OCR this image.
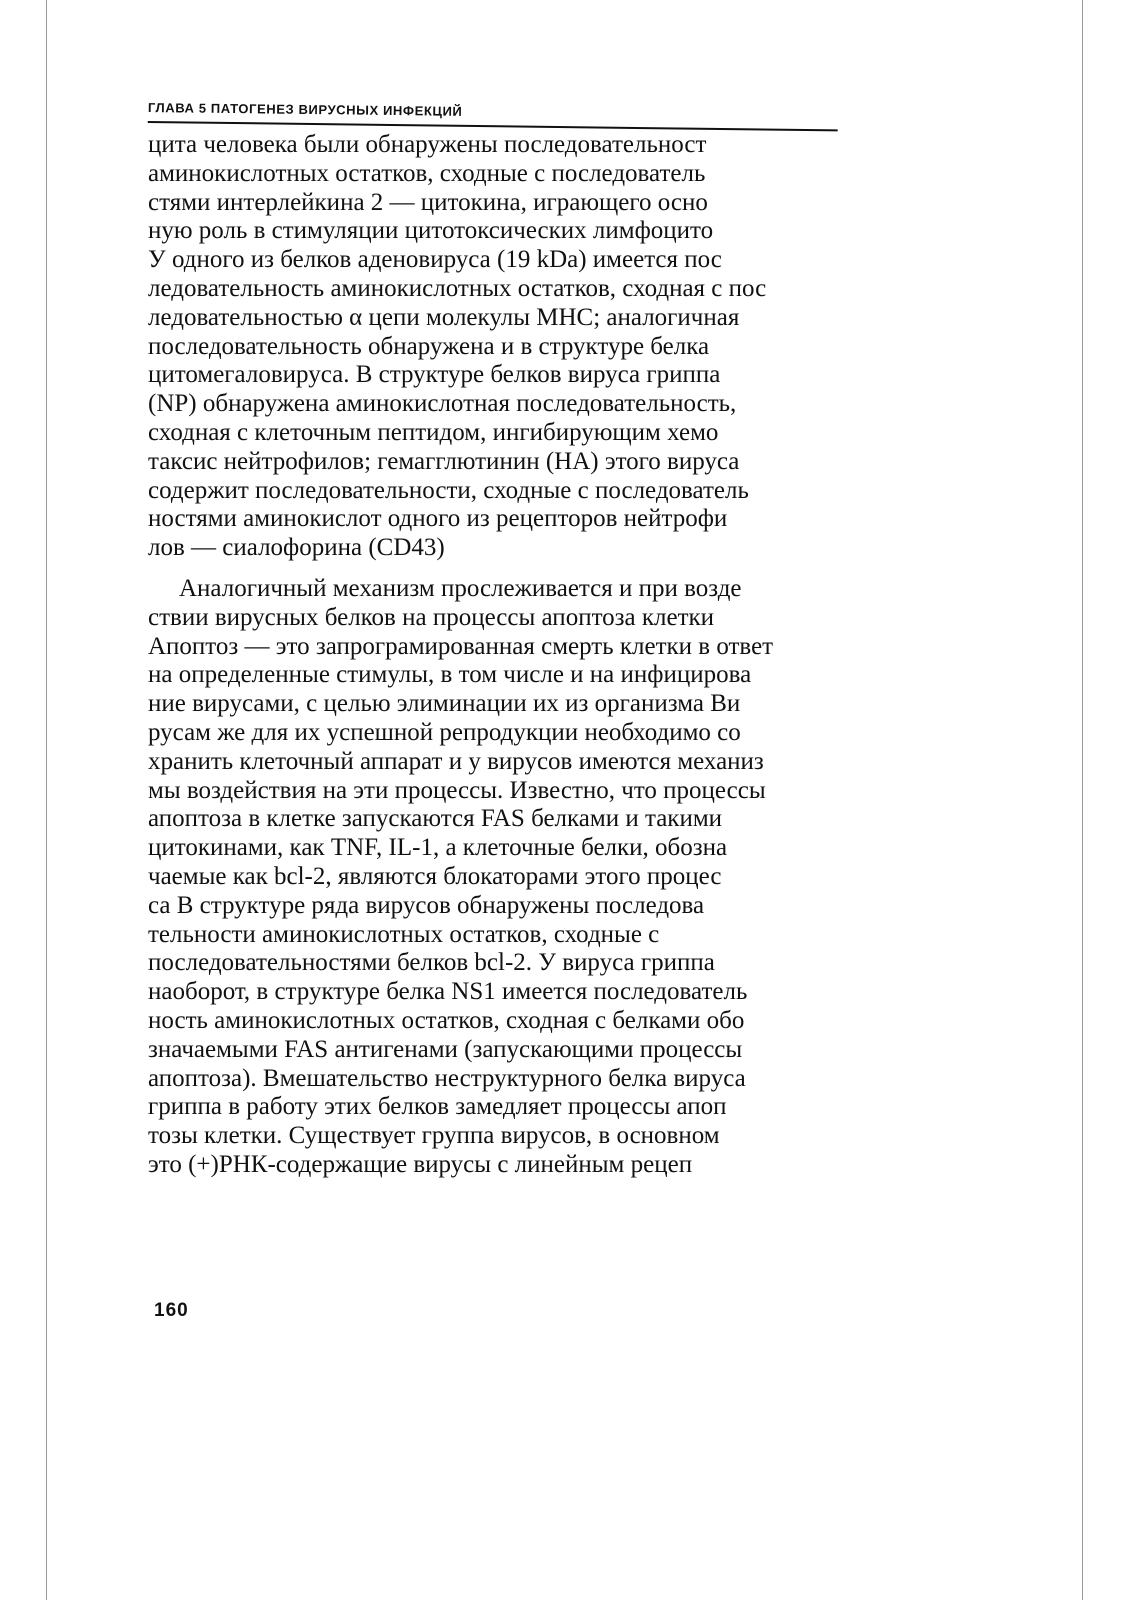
ГЛАВА 5 ПАТОГЕНЕЗ ВИРУСНЫХ ИНФЕКЦИЙ

цита человека были обнаружены последовательност

аминокислотных остатков, сходные с последователь

стями интерлейкина 2 — цитокина, играющего осно

ную роль в стимуляции цитотоксических лимфоцито

У одного из белков аденовируса (19 kDa) имеется пос

ледовательность аминокислотных остатков, сходная с пос

ледовательностью α цепи молекулы MHC; аналогичная

последовательность обнаружена и в структуре белка

цитомегаловируса. В структуре белков вируса гриппа

(NP) обнаружена аминокислотная последовательность,

сходная с клеточным пептидом, ингибирующим хемо

таксис нейтрофилов; гемагглютинин (НА) этого вируса

содержит последовательности, сходные с последователь

ностями аминокислот одного из рецепторов нейтрофи

лов — сиалофорина (CD43)

Аналогичный механизм прослеживается и при возде

ствии вирусных белков на процессы апоптоза клетки

Апоптоз — это запрограмированная смерть клетки в ответ

на определенные стимулы, в том числе и на инфицирова

ние вирусами, с целью элиминации их из организма Ви

русам же для их успешной репродукции необходимо со

хранить клеточный аппарат и у вирусов имеются механиз

мы воздействия на эти процессы. Известно, что процессы

апоптоза в клетке запускаются FAS белками и такими

цитокинами, как TNF, IL-1, а клеточные белки, обозна

чаемые как bcl-2, являются блокаторами этого процес

са В структуре ряда вирусов обнаружены последова

тельности аминокислотных остатков, сходные с

последовательностями белков bcl-2. У вируса гриппа

наоборот, в структуре белка NS1 имеется последователь

ность аминокислотных остатков, сходная с белками обо

значаемыми FAS антигенами (запускающими процессы

апоптоза). Вмешательство неструктурного белка вируса

гриппа в работу этих белков замедляет процессы апоп

тозы клетки. Существует группа вирусов, в основном

это (+)РНК-содержащие вирусы с линейным рецеп

160
